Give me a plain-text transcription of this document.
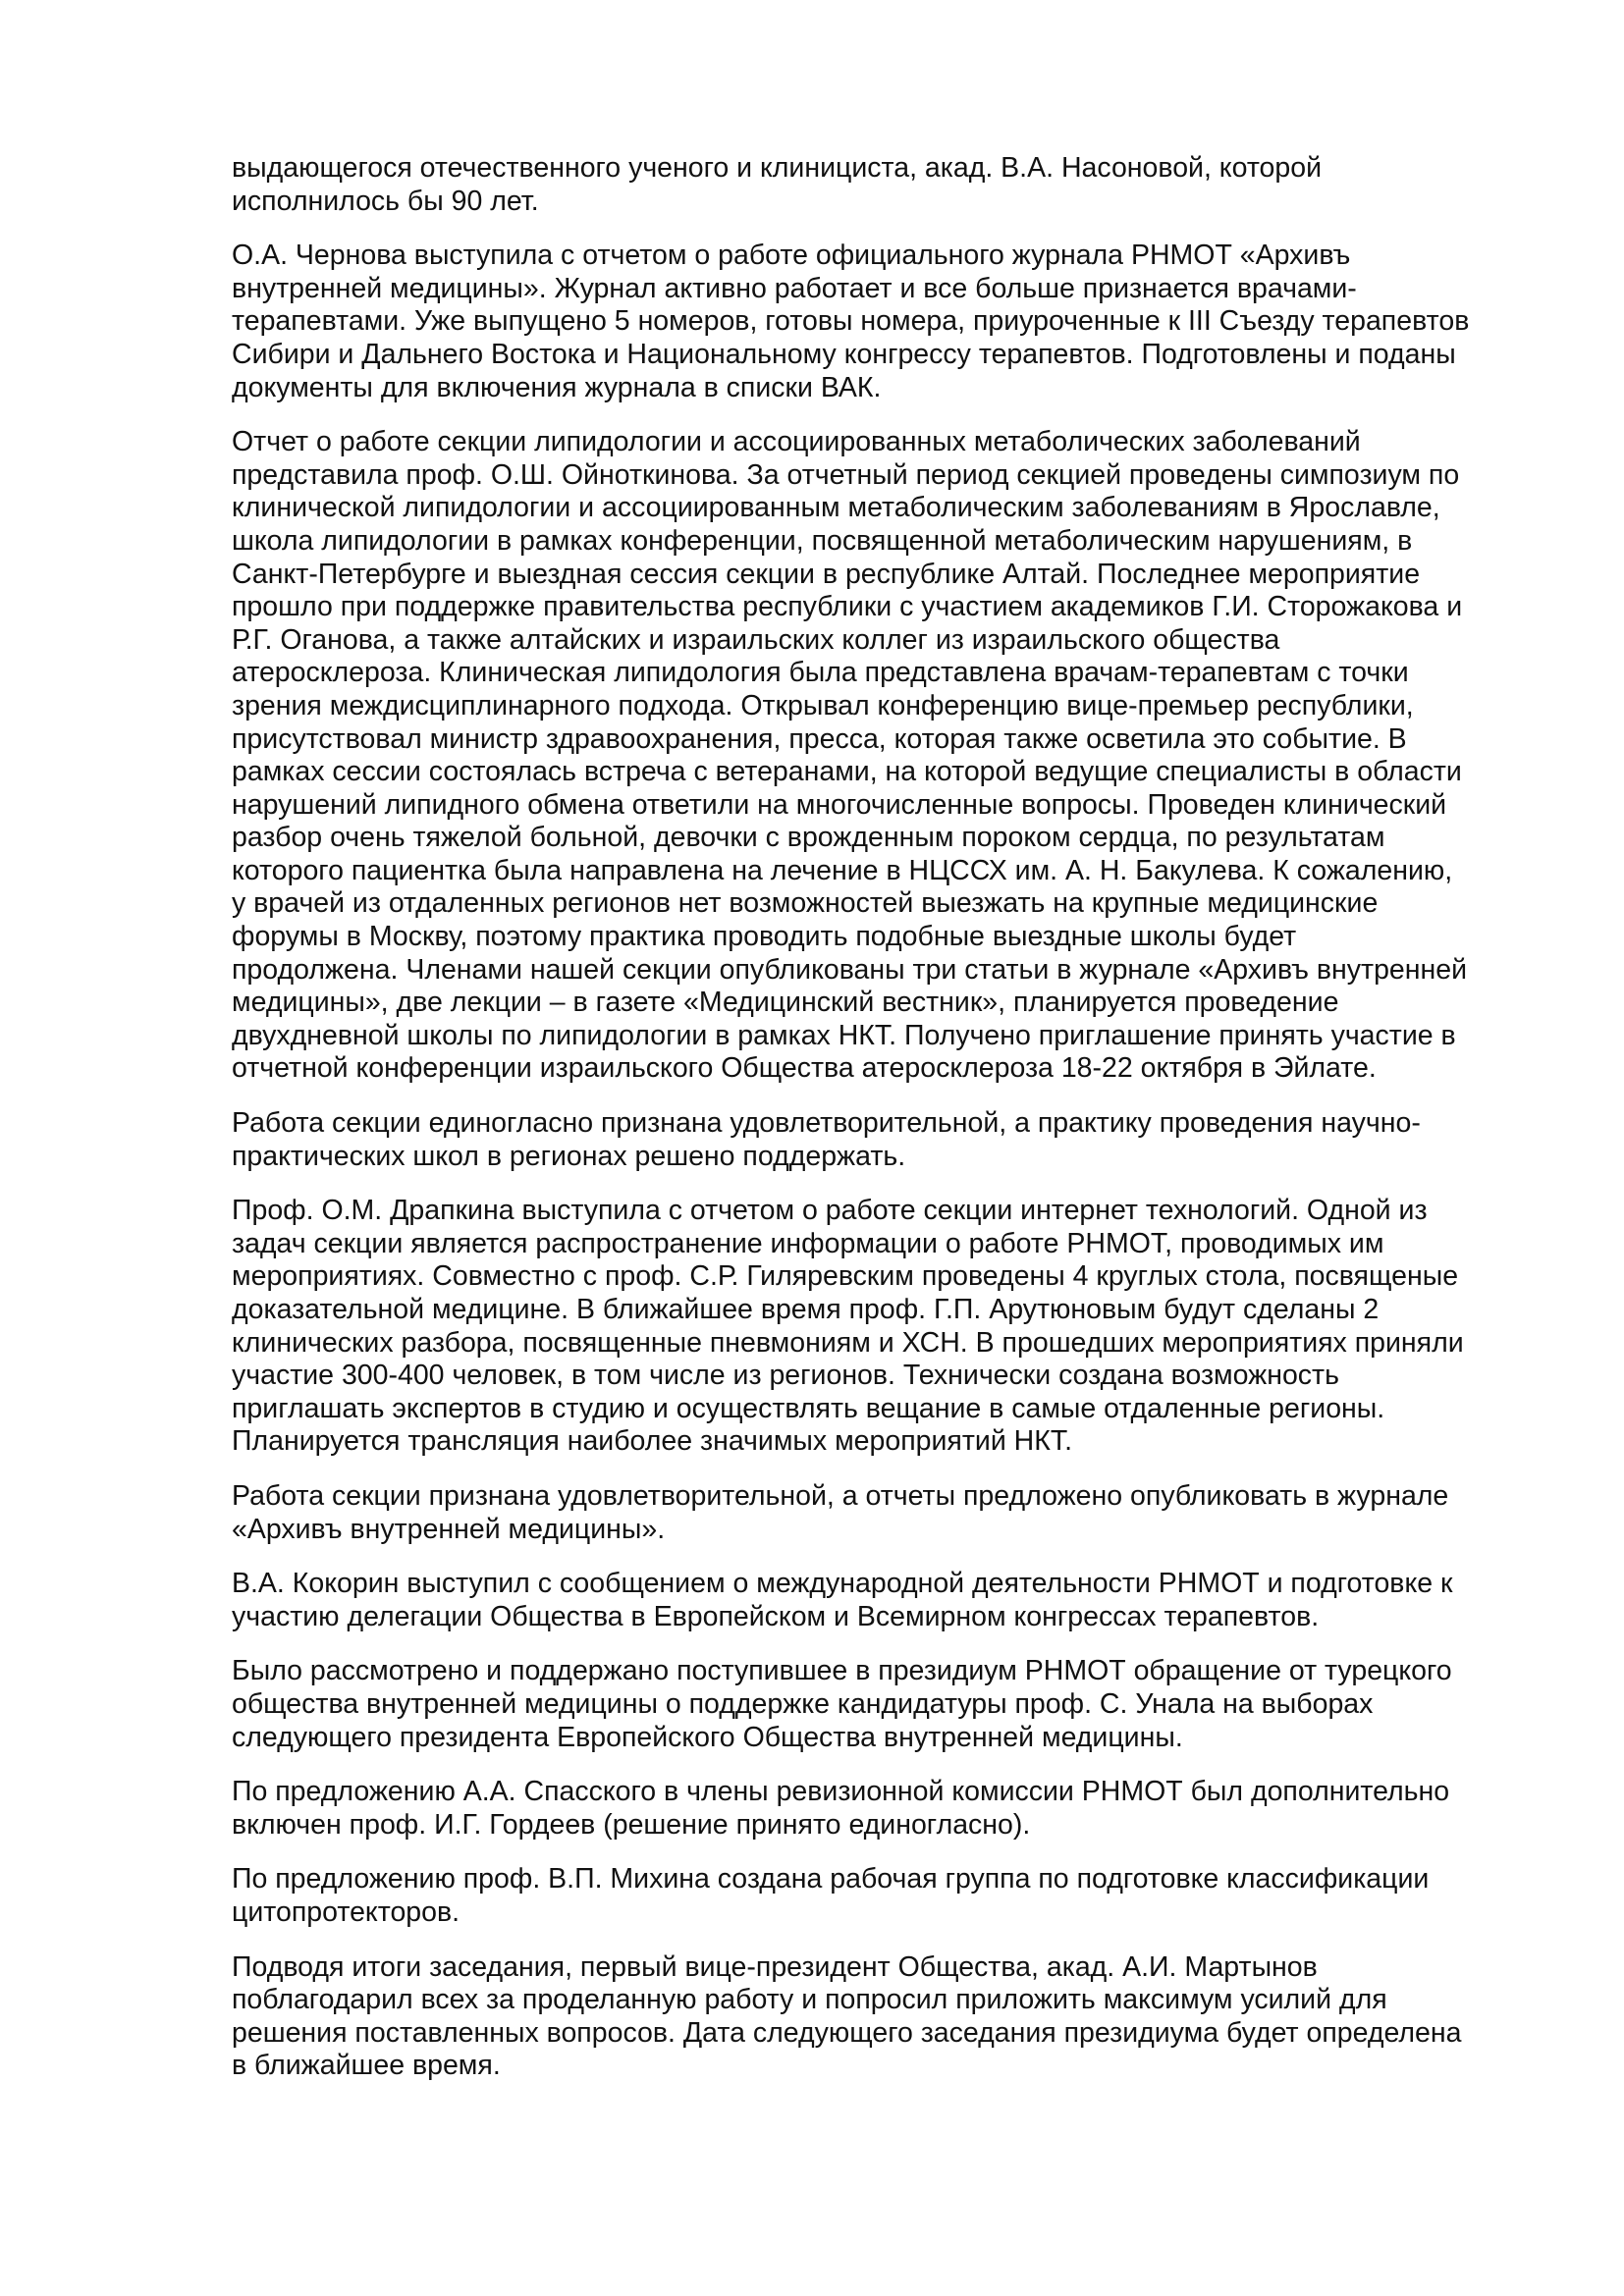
выдающегося отечественного ученого и клинициста, акад. В.А. Насоновой, которой
исполнилось бы 90 лет.

О.А. Чернова выступила с отчетом о работе официального журнала РНМОТ «Архивъ
внутренней медицины». Журнал активно работает и все больше признается врачами-
терапевтами. Уже выпущено 5 номеров, готовы номера, приуроченные к III Съезду терапевтов
Сибири и Дальнего Востока и Национальному конгрессу терапевтов. Подготовлены и поданы
документы для включения журнала в списки ВАК.

Отчет о работе секции липидологии и ассоциированных метаболических заболеваний
представила проф. О.Ш. Ойноткинова. За отчетный период секцией проведены симпозиум по
клинической липидологии и ассоциированным метаболическим заболеваниям в Ярославле,
школа липидологии в рамках конференции, посвященной метаболическим нарушениям, в
Санкт-Петербурге и выездная сессия секции в республике Алтай. Последнее мероприятие
прошло при поддержке правительства республики с участием академиков Г.И. Сторожакова и
Р.Г. Оганова, а также алтайских и израильских коллег из израильского общества
атеросклероза. Клиническая липидология была представлена врачам-терапевтам с точки
зрения междисциплинарного подхода. Открывал конференцию вице-премьер республики,
присутствовал министр здравоохранения, пресса, которая также осветила это событие. В
рамках сессии состоялась встреча с ветеранами, на которой ведущие специалисты в области
нарушений липидного обмена ответили на многочисленные вопросы. Проведен клинический
разбор очень тяжелой больной, девочки с врожденным пороком сердца, по результатам
которого пациентка была направлена на лечение в НЦССХ им. А. Н. Бакулева. К сожалению,
у врачей из отдаленных регионов нет возможностей выезжать на крупные медицинские
форумы в Москву, поэтому практика проводить подобные выездные школы будет
продолжена. Членами нашей секции опубликованы три статьи в журнале «Архивъ внутренней
медицины», две лекции – в газете «Медицинский вестник», планируется проведение
двухдневной школы по липидологии в рамках НКТ. Получено приглашение принять участие в
отчетной конференции израильского Общества атеросклероза 18-22 октября в Эйлате.

Работа секции единогласно признана удовлетворительной, а практику проведения научно-
практических школ в регионах решено поддержать.

Проф. О.М. Драпкина выступила с отчетом о работе секции интернет технологий. Одной из
задач секции является распространение информации о работе РНМОТ, проводимых им
мероприятиях. Совместно с проф. С.Р. Гиляревским проведены 4 круглых стола, посвященые
доказательной медицине. В ближайшее время проф. Г.П. Арутюновым будут сделаны 2
клинических разбора, посвященные пневмониям и ХСН. В прошедших мероприятиях приняли
участие 300-400 человек, в том числе из регионов. Технически создана возможность
приглашать экспертов в студию и осуществлять вещание в самые отдаленные регионы.
Планируется трансляция наиболее значимых мероприятий НКТ.

Работа секции признана удовлетворительной, а отчеты предложено опубликовать в журнале
«Архивъ внутренней медицины».

В.А. Кокорин выступил с сообщением о международной деятельности РНМОТ и подготовке к
участию делегации Общества в Европейском и Всемирном конгрессах терапевтов.

Было рассмотрено и поддержано поступившее в президиум РНМОТ обращение от турецкого
общества внутренней медицины о поддержке кандидатуры проф. С. Унала на выборах
следующего президента Европейского Общества внутренней медицины.

По предложению А.А. Спасского в члены ревизионной комиссии РНМОТ был дополнительно
включен проф. И.Г. Гордеев (решение принято единогласно).

По предложению проф. В.П. Михина создана рабочая группа по подготовке классификации
цитопротекторов.

Подводя итоги заседания, первый вице-президент Общества, акад. А.И. Мартынов
поблагодарил всех за проделанную работу и попросил приложить максимум усилий для
решения поставленных вопросов. Дата следующего заседания президиума будет определена
в ближайшее время.
